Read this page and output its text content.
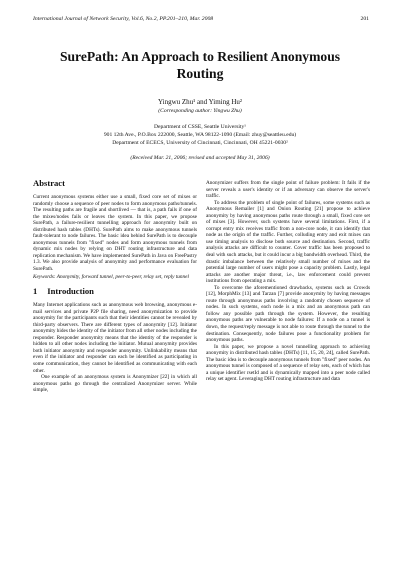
International Journal of Network Security, Vol.6, No.2, PP.201–210, Mar. 2008	201
SurePath: An Approach to Resilient Anonymous
Routing
Yingwu Zhu¹ and Yiming Hu²
(Corresponding author: Yingwu Zhu)
Department of CSSE, Seattle University¹
901 12th Ave., P.O.Box 222000, Seattle, WA 98122-1090 (Email: zhuy@seattleu.edu)
Department of ECECS, University of Cincinnati, Cincinnati, OH 45221-0030²
(Received Mar. 21, 2006; revised and accepted May 31, 2006)
Abstract

Current anonymous systems either use a small, fixed core set of mixes or randomly choose a sequence of peer nodes to form anonymous paths/tunnels. The resulting paths are fragile and shortlived — that is, a path fails if one of the mixes/nodes fails or leaves the system. In this paper, we propose SurePath, a failure-resilient tunnelling approach for anonymity built on distributed hash tables (DHTs). SurePath aims to make anonymous tunnels fault-tolerant to node failures. The basic idea behind SurePath is to decouple anonymous tunnels from "fixed" nodes and form anonymous tunnels from dynamic mix nodes by relying on DHT routing infrastructure and data replication mechanism. We have implemented SurePath in Java on FreePastry 1.3. We also provide analysis of anonymity and performance evaluation for SurePath.

Keywords: Anonymity, forward tunnel, peer-to-peer, relay set, reply tunnel

1 Introduction

Many Internet applications such as anonymous web browsing, anonymous e-mail services and private P2P file sharing, need anonymization to provide anonymity for the participants such that their identities cannot be revealed by third-party observers. There are different types of anonymity [12]. Initiator anonymity hides the identity of the initiator from all other nodes including the responder. Responder anonymity means that the identity of the responder is hidden to all other nodes including the initiator. Mutual anonymity provides both initiator anonymity and responder anonymity. Unlinkability means that even if the initiator and responder can each be identified as participating in some communication, they cannot be identified as communicating with each other.

One example of an anonymous system is Anonymizer [22] in which all anonymous paths go through the centralized Anonymizer server. While simple,

Anonymizer suffers from the single point of failure problem: It fails if the server reveals a user's identity or if an adversary can observe the server's traffic.

To address the problem of single point of failures, some systems such as Anonymous Remailer [1] and Onion Routing [21] propose to achieve anonymity by having anonymous paths route through a small, fixed core set of mixes [3]. However, such systems have several limitations. First, if a corrupt entry mix receives traffic from a non-core node, it can identify that node as the origin of the traffic. Further, colluding entry and exit mixes can use timing analysis to disclose both source and destination. Second, traffic analysis attacks are difficult to counter. Cover traffic has been proposed to deal with such attacks, but it could incur a big bandwidth overhead. Third, the drastic imbalance between the relatively small number of mixes and the potential large number of users might pose a capacity problem. Lastly, legal attacks are another major threat, i.e., law enforcement could prevent institutions from operating a mix.

To overcome the aforementioned drawbacks, systems such as Crowds [12], MorphMix [13] and Tarzan [7] provide anonymity by having messages route through anonymous paths involving a randomly chosen sequence of nodes. In such systems, each node is a mix and an anonymous path can follow any possible path through the system. However, the resulting anonymous paths are vulnerable to node failures: If a node on a tunnel is down, the request/reply message is not able to route through the tunnel to the destination. Consequently, node failures pose a functionality problem for anonymous paths.

In this paper, we propose a novel tunnelling approach to achieving anonymity in distributed hash tables (DHTs) [11, 15, 20, 24], called SurePath. The basic idea is to decouple anonymous tunnels from "fixed" peer nodes. An anonymous tunnel is composed of a sequence of relay sets, each of which has a unique identifier rsetId and is dynamically mapped into a peer node called relay set agent. Leveraging DHT routing infrastructure and data
